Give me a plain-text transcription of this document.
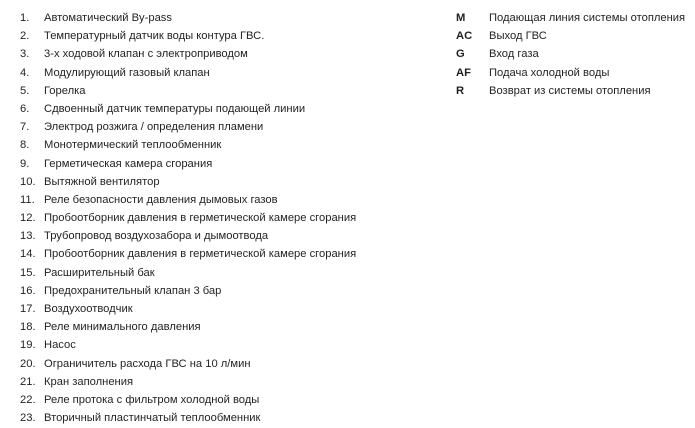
1. Автоматический By-pass
2. Температурный датчик воды контура ГВС.
3. 3-х ходовой клапан с электроприводом
4. Модулирующий газовый клапан
5. Горелка
6. Сдвоенный датчик температуры подающей линии
7. Электрод розжига / определения пламени
8. Монотермический теплообменник
9. Герметическая камера сгорания
10. Вытяжной вентилятор
11. Реле безопасности давления дымовых газов
12. Пробоотборник давления в герметической камере сгорания
13. Трубопровод воздухозабора и дымоотвода
14. Пробоотборник давления в герметической камере сгорания
15. Расширительный бак
16. Предохранительный клапан 3 бар
17. Воздухоотводчик
18. Реле минимального давления
19. Насос
20. Ограничитель расхода ГВС на 10 л/мин
21. Кран заполнения
22. Реле протока с фильтром холодной воды
23. Вторичный пластинчатый теплообменник
M Подающая линия системы отопления
AC Выход ГВС
G Вход газа
AF Подача холодной воды
R Возврат из системы отопления
